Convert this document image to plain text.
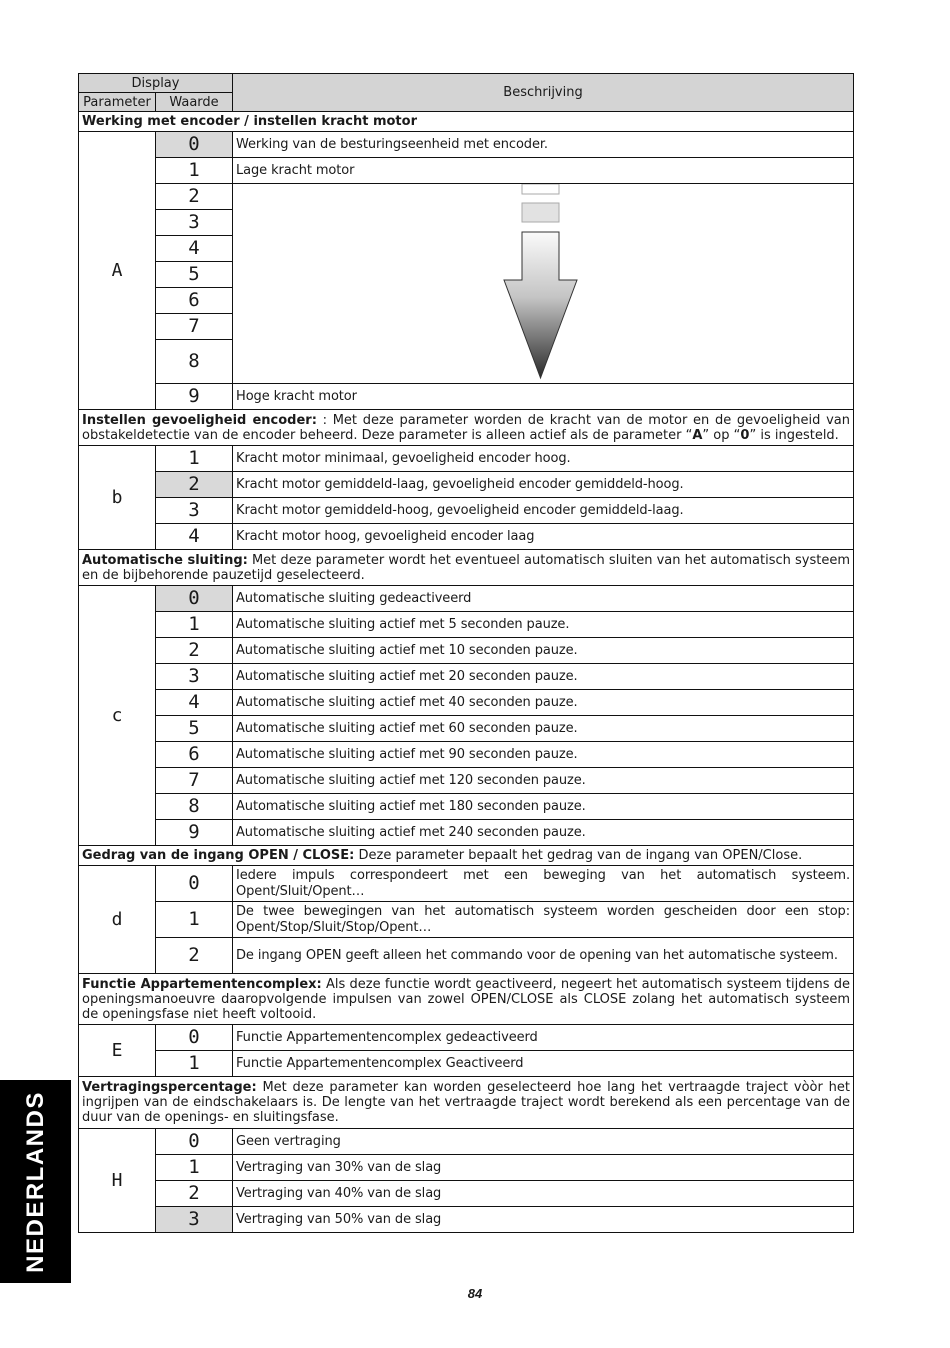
Display		Beschrijving
Parameter	Waarde	
Werking met encoder / instellen kracht motor		
A	0	Werking van de besturingseenheid met encoder.
	1	Lage kracht motor
	2	

	3	
	4	
	5	
	6	
	7	
	8	
	9	Hoge kracht motor
Instellen gevoeligheid encoder: : Met deze parameter worden de kracht van de motor en de gevoeligheid van obstakeldetectie van de encoder beheerd. Deze parameter is alleen actief als de parameter “A” op “0” is ingesteld.		
b	1	Kracht motor minimaal, gevoeligheid encoder hoog.
	2	Kracht motor gemiddeld-laag, gevoeligheid encoder gemiddeld-hoog.
	3	Kracht motor gemiddeld-hoog, gevoeligheid encoder gemiddeld-laag.
	4	Kracht motor hoog, gevoeligheid encoder laag
Automatische sluiting: Met deze parameter wordt het eventueel automatisch sluiten van het automatisch systeem en de bijbehorende pauzetijd geselecteerd.		
c	0	Automatische sluiting gedeactiveerd
	1	Automatische sluiting actief met 5 seconden pauze.
	2	Automatische sluiting actief met 10 seconden pauze.
	3	Automatische sluiting actief met 20 seconden pauze.
	4	Automatische sluiting actief met 40 seconden pauze.
	5	Automatische sluiting actief met 60 seconden pauze.
	6	Automatische sluiting actief met 90 seconden pauze.
	7	Automatische sluiting actief met 120 seconden pauze.
	8	Automatische sluiting actief met 180 seconden pauze.
	9	Automatische sluiting actief met 240 seconden pauze.
Gedrag van de ingang OPEN / CLOSE: Deze parameter bepaalt het gedrag van de ingang van OPEN/Close.		
d	0	Iedere impuls correspondeert met een beweging van het automatisch systeem. Opent/Sluit/Opent…
	1	De twee bewegingen van het automatisch systeem worden gescheiden door een stop: Opent/Stop/Sluit/Stop/Opent…
	2	De ingang OPEN geeft alleen het commando voor de opening van het automatische systeem.
Functie Appartementencomplex: Als deze functie wordt geactiveerd, negeert het automatisch systeem tijdens de openingsmanoeuvre daaropvolgende impulsen van zowel OPEN/CLOSE als CLOSE zolang het automatisch systeem de openingsfase niet heeft voltooid.		
E	0	Functie Appartementencomplex gedeactiveerd
	1	Functie Appartementencomplex Geactiveerd
Vertragingspercentage: Met deze parameter kan worden geselecteerd hoe lang het vertraagde traject vòòr het ingrijpen van de eindschakelaars is. De lengte van het vertraagde traject wordt berekend als een percentage van de duur van de openings- en sluitingsfase.		
H	0	Geen vertraging
	1	Vertraging van 30% van de slag
	2	Vertraging van 40% van de slag
	3	Vertraging van 50% van de slag
NEDERLANDS
84
